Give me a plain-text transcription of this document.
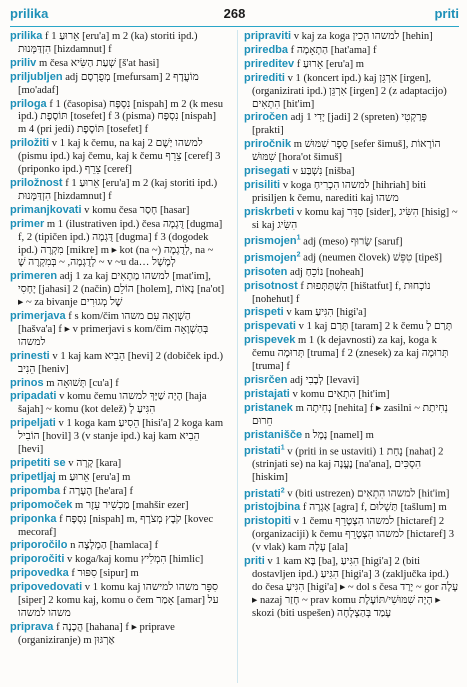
prilika	268	priti

prilika f 1 אֵרוּעַ [eru'a] m 2 (ka) storiti ipd.) הִזְדַּמְּנוּת [hizdamnut] f

priliv m česa שְׁעַת הַשִּׂיא [š'at hasi]

priljubljen adj מְפֻרְסָם [mefursam] 2 מוֹעֲדָף [mo'adaf]

priloga f 1 (časopisa) נִסְפָּח [nispah] m 2 (k mesu ipd.) תּוֹסֶפֶת [tosefet] f 3 (pisma) נִסְפָּח [nispah] m 4 (pri jedi) תּוֹסֶפֶת [tosefet] f

priložiti v 1 kaj k čemu, na kaj למשהו יַשֶׁם 2 (pismu ipd.) kaj čemu, kaj k čemu צֵרֵף [ceref] 3 (priponko ipd.) צֵרֵף [ceref]

priložnost f 1 אֵרוּעַ [eru'a] m 2 (kaj storiti ipd.) הִזְדַּמְּנוּת [hizdamnut] f

primanjkovati v komu česa חָסַר [hasar]

primer m 1 (ilustrativen ipd.) česa דֻּגְמָה [dugma] f, 2 (tipičen ipd.) דֻּגְמָה [dugma] f 3 (dogodek ipd.) מִקְרֶה [mikre] m ▸ kot (na ~) לְדֻגְמָה, na ~ לְדֻגְמָה, ~ בְּמִקְרֶה שֶׁ ~ v ~u da… לְמָשָׁל

primeren adj 1 za kaj למשהו מַתְאִים [mat'im], יָחָסִי [jahasi] 2 (način) הוֹלֵם [holem], נָאוֹת [na'ot] ▸ ~ za bivanje שֶׁל מְגוּרִים

primerjava f s kom/čim הַשְׁוָאָה עִם משהו [hašva'a] f ▸ v primerjavi s kom/čim בְּהַשְׁוָאָה למשהו

prinesti v 1 kaj kam הֵבִיא [hevi] 2 (dobiček ipd.) הֵנִיב [heniv]

prinos m תְּשׁוּאָה [cu'a] f

pripadati v komu čemu הָיָה שַׁיָּךְ למשהו [haja šajah] ~ komu (kot delež) הִגִּיעַ לְ

pripeljati v 1 koga kam הֵסִיעַ [hisi'a] 2 koga kam הוֹבִיל [hovil] 3 (v stanje ipd.) kaj kam הֵבִיא [hevi]

pripetiti se v קָרָה [kara]

pripetljaj m אֵרוּעַ [eru'a] m

pripomba f הֶעָרָה [he'ara] f

pripomoček m מַכְשִׁיר עֵזֶר [mahšir ezer]

priponka f נִסְפָּח [nispah] m, קֹבֶץ מְצֹרָף [kovec mecoraf]

priporočilo n הַמְלָצָה [hamlaca] f

priporočiti v koga/kaj komu הִמְלִיץ [himlic]

pripovedka f סִפּוּר [sipur] m

pripovedovati v 1 komu kaj סִפֵּר משהו למישהו [siper] 2 komu kaj, komu o čem אָמַר [amar] על משהו למשהו

priprava f הֲכָנָה [hahana] f ▸ priprave (organiziranje) m אַרְגּוּן

pripraviti v kaj za koga למשהו הֵכִין [hehin]

priredba f הַתְאָמָה [hat'ama] f

prireditev f אֵרוּעַ [eru'a] m

prirediti v 1 (koncert ipd.) kaj אִרְגֵּן [irgen], (organizirati ipd.) אִרְגֵּן [irgen] 2 (z adaptacijo) הִתְאִים [hit'im]

priročen adj 1 יָדִי [jadi] 2 (spreten) פְּרַקְטִי [prakti]

priročnik m סֵפֶר שִׁמּוּשׁ [sefer šimuš], הוֹרָאוֹת שִׁמּוּשׁ [hora'ot šimuš]

prisegati v נִשְׁבַּע [nišba]

prisiliti v koga למשהו הִכְרִיחַ [hihriah] biti prisiljen k čemu, narediti kaj משהו

priskrbeti v komu kaj סִדֵּר [sider], הִשִּׂיג [hisig] ~ si kaj הִשִּׂיג

prismojen$^1$ adj (meso) שָׂרוּף [saruf]

prismojen$^2$ adj (neumen človek) טִפֵּשׁ [tipeš]

prisoten adj נוֹכֵחַ [noheah]

prisotnost f הִשְׁתַּתְּפוּת [hištatfut] f, נוֹכְחוּת [nohehut] f

prispeti v kam הִגִּיעַ [higi'a]

prispevati v 1 kaj תָּרַם [taram] 2 k čemu תָּרַם לְ

prispevek m 1 (k dejavnosti) za kaj, koga k čemu תְּרוּמָה [truma] f 2 (znesek) za kaj תְּרוּמָה [truma] f

prisrčen adj לְבָבִי [levavi]

pristajati v komu הִתְאִים [hit'im]

pristanek m נְחִיתָה [nehita] f ▸ zasilni ~ נְחִיתַת חֵרוּם

pristanišče n נָמָל [namel] m

pristati$^1$ v (priti in se ustaviti) 1 נָחַת [nahat] 2 (strinjati se) na kaj נֶעֱנָה [na'ana], הִסְכִּים [hiskim]

pristati$^2$ v (biti ustrezen) למשהו הִתְאִים [hit'im]

pristojbina f אַגְרָה [agra] f, תַּשְׁלוּם [tašlum] m

pristopiti v 1 čemu למשהו הִצְטָרֵף [hictaref] 2 (organizaciji) k čemu למשהו הִצְטָרֵף [hictaref] 3 (v vlak) kam עָלָה [ala]

priti v 1 kam בָּא [ba], הִגִּיעַ [higi'a] 2 (biti dostavljen ipd.) הִגִּיעַ [higi'a] 3 (zaključka ipd.) do česa הִגִּיעַ [higi'a] ▸ ~ dol s česa יָרַד ~ gor עָלָה ▸ nazaj חָזַר ~ prav komu הָיָה שִׁמּוּשִׁי/תּוֹעֶלֶת ▸ skozi (biti uspešen) עָמַד בְּהַצְלָחָה
